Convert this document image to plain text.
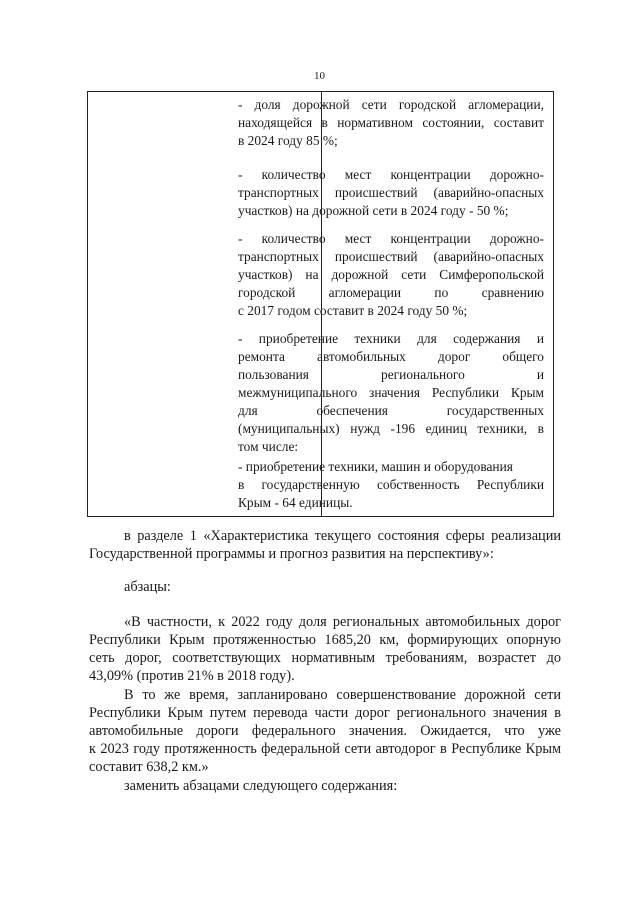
10
- доля дорожной сети городской агломерации,
находящейся в нормативном состоянии, составит
в 2024 году 85 %;
- количество мест концентрации дорожно-
транспортных происшествий (аварийно-опасных
участков) на дорожной сети в 2024 году - 50 %;
- количество мест концентрации дорожно-
транспортных происшествий (аварийно-опасных
участков) на дорожной сети Симферопольской
городской агломерации по сравнению
с 2017 годом составит в 2024 году 50 %;
- приобретение техники для содержания и
ремонта автомобильных дорог общего
пользования регионального и
межмуниципального значения Республики Крым
для обеспечения государственных
(муниципальных) нужд -196 единиц техники, в
том числе:
- приобретение техники, машин и оборудования
в государственную собственность Республики
Крым - 64 единицы.
в разделе 1 «Характеристика текущего состояния сферы реализации
Государственной программы и прогноз развития на перспективу»:
абзацы:
«В частности, к 2022 году доля региональных автомобильных дорог
Республики Крым протяженностью 1685,20 км, формирующих опорную
сеть дорог, соответствующих нормативным требованиям, возрастет до
43,09% (против 21% в 2018 году).
В то же время, запланировано совершенствование дорожной сети
Республики Крым путем перевода части дорог регионального значения в
автомобильные дороги федерального значения. Ожидается, что уже
к 2023 году протяженность федеральной сети автодорог в Республике Крым
составит 638,2 км.»
заменить абзацами следующего содержания:
